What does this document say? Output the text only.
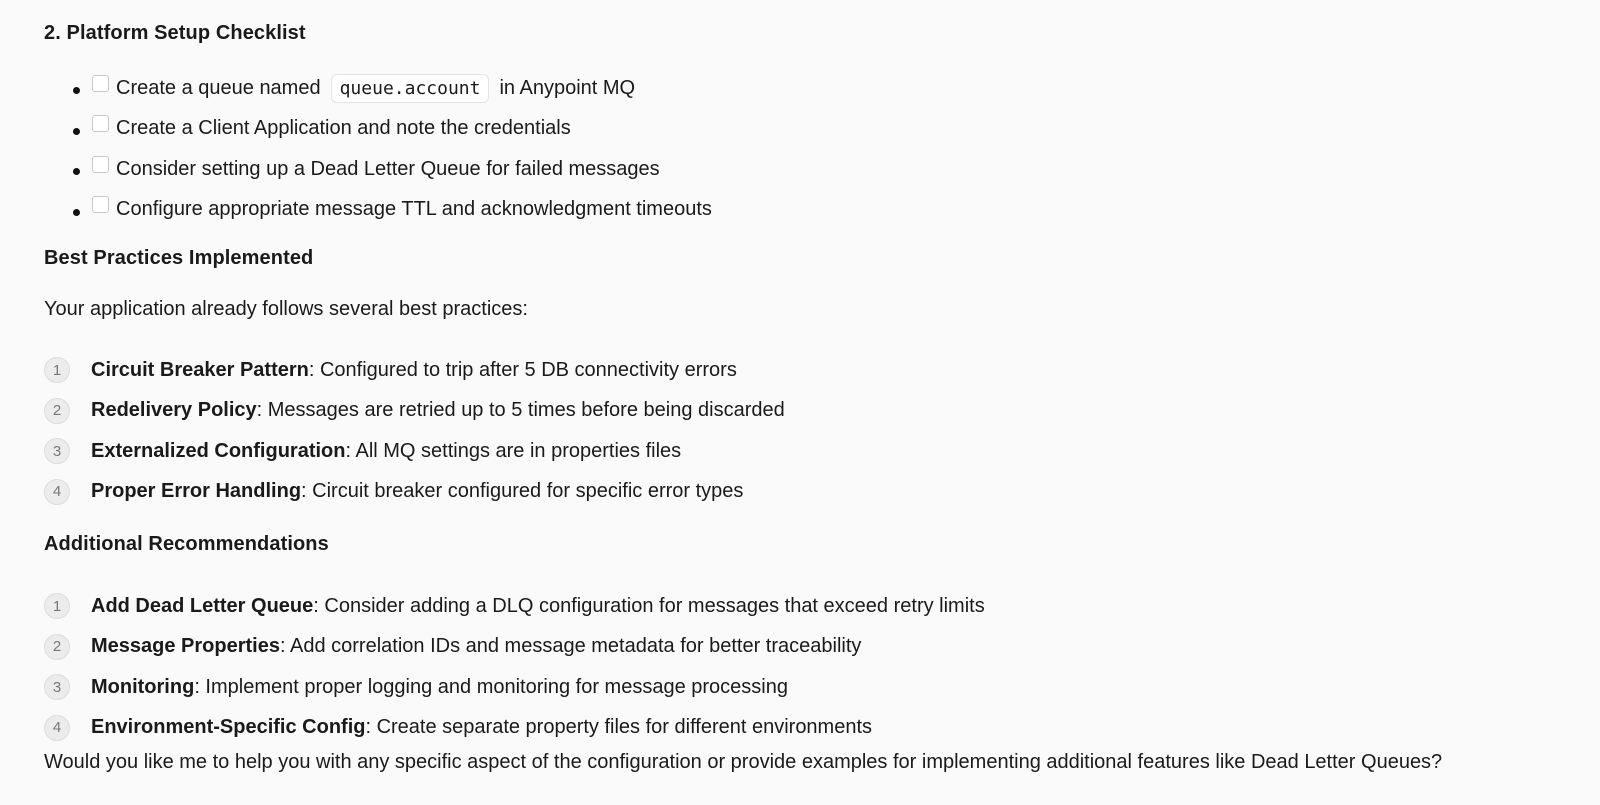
2. Platform Setup Checklist
Create a queue named	queue.account in Anypoint MQ
Create a Client Application and note the credentials
Consider setting up a Dead Letter Queue for failed messages
Configure appropriate message TTL and acknowledgment timeouts
Best Practices Implemented

Your application already follows several best practices:

1	Circuit Breaker Pattern : Configured to trip after 5 DB connectivity errors
2	Redelivery Policy : Messages are retried up to 5 times before being discarded
3	Externalized Configuration : All MQ settings are in properties files
4	Proper Error Handling : Circuit breaker configured for specific error types
Additional Recommendations
1	Add Dead Letter Queue : Consider adding a DLQ configuration for messages that exceed retry limits
2	Message Properties : Add correlation IDs and message metadata for better traceability
3	Monitoring : Implement proper logging and monitoring for message processing
4	Environment-Specific Config : Create separate property files for different environments

Would you like me to help you with any specific aspect of the configuration or provide examples for implementing additional features like Dead Letter Queues?
